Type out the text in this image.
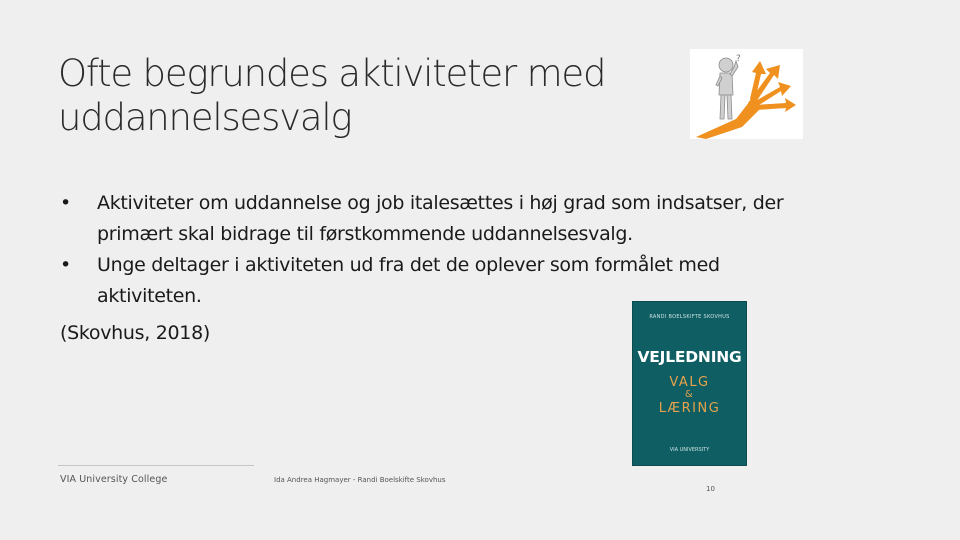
Ofte begrundes aktiviteter med
uddannelsesvalg
?
• Aktiviteter om uddannelse og job italesættes i høj grad som indsatser, der
primært skal bidrage til førstkommende uddannelsesvalg.
• Unge deltager i aktiviteten ud fra det de oplever som formålet med
aktiviteten.
(Skovhus, 2018)
RANDI BOELSKIFTE SKOVHUS
VEJLEDNING
VALG
&
LÆRING
VIA UNIVERSITY
VIA University College	Ida Andrea Hagmayer - Randi Boelskifte Skovhus
10
